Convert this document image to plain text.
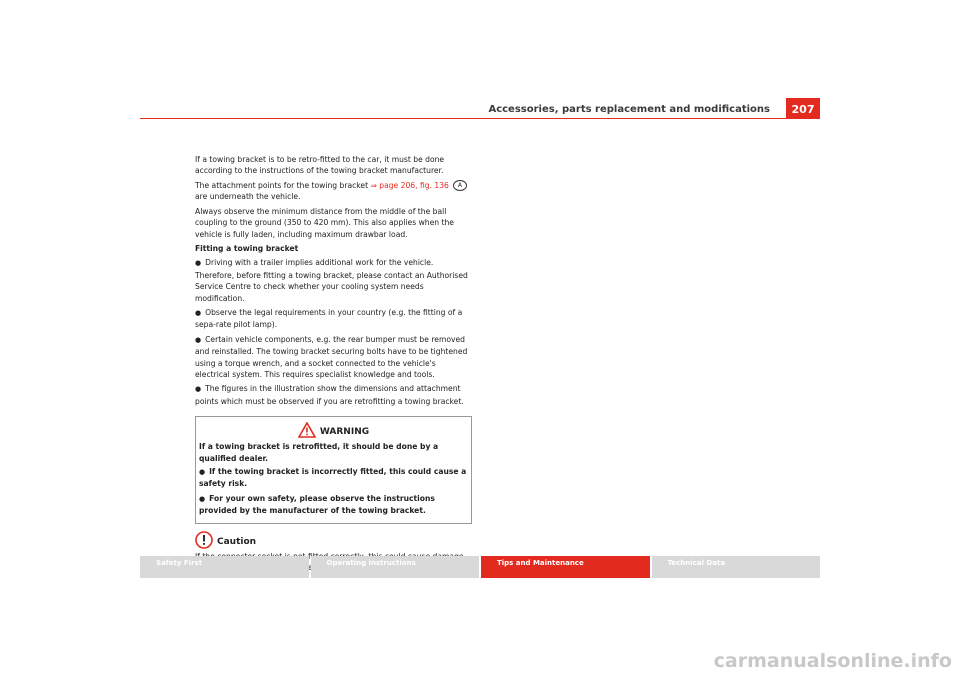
Accessories, parts replacement and modifications	207

If a towing bracket is to be retro-fitted to the car, it must be done according to the instructions of the towing bracket manufacturer.

The attachment points for the towing bracket ⇒ page 206, fig. 136 A are underneath the vehicle.

Always observe the minimum distance from the middle of the ball coupling to the ground (350 to 420 mm). This also applies when the vehicle is fully laden, including maximum drawbar load.

Fitting a towing bracket

● Driving with a trailer implies additional work for the vehicle. Therefore, before fitting a towing bracket, please contact an Authorised Service Centre to check whether your cooling system needs modification.
● Observe the legal requirements in your country (e.g. the fitting of a sepa-rate pilot lamp).
● Certain vehicle components, e.g. the rear bumper must be removed and reinstalled. The towing bracket securing bolts have to be tightened using a torque wrench, and a socket connected to the vehicle's electrical system. This requires specialist knowledge and tools.
● The figures in the illustration show the dimensions and attachment points which must be observed if you are retrofitting a towing bracket.
WARNING

If a towing bracket is retrofitted, it should be done by a qualified dealer.

● If the towing bracket is incorrectly fitted, this could cause a safety risk.
● For your own safety, please observe the instructions provided by the manufacturer of the towing bracket.
Caution

Safety First	Operating instructions	Tips and Maintenance	Technical Data
carmanualsonline.info
